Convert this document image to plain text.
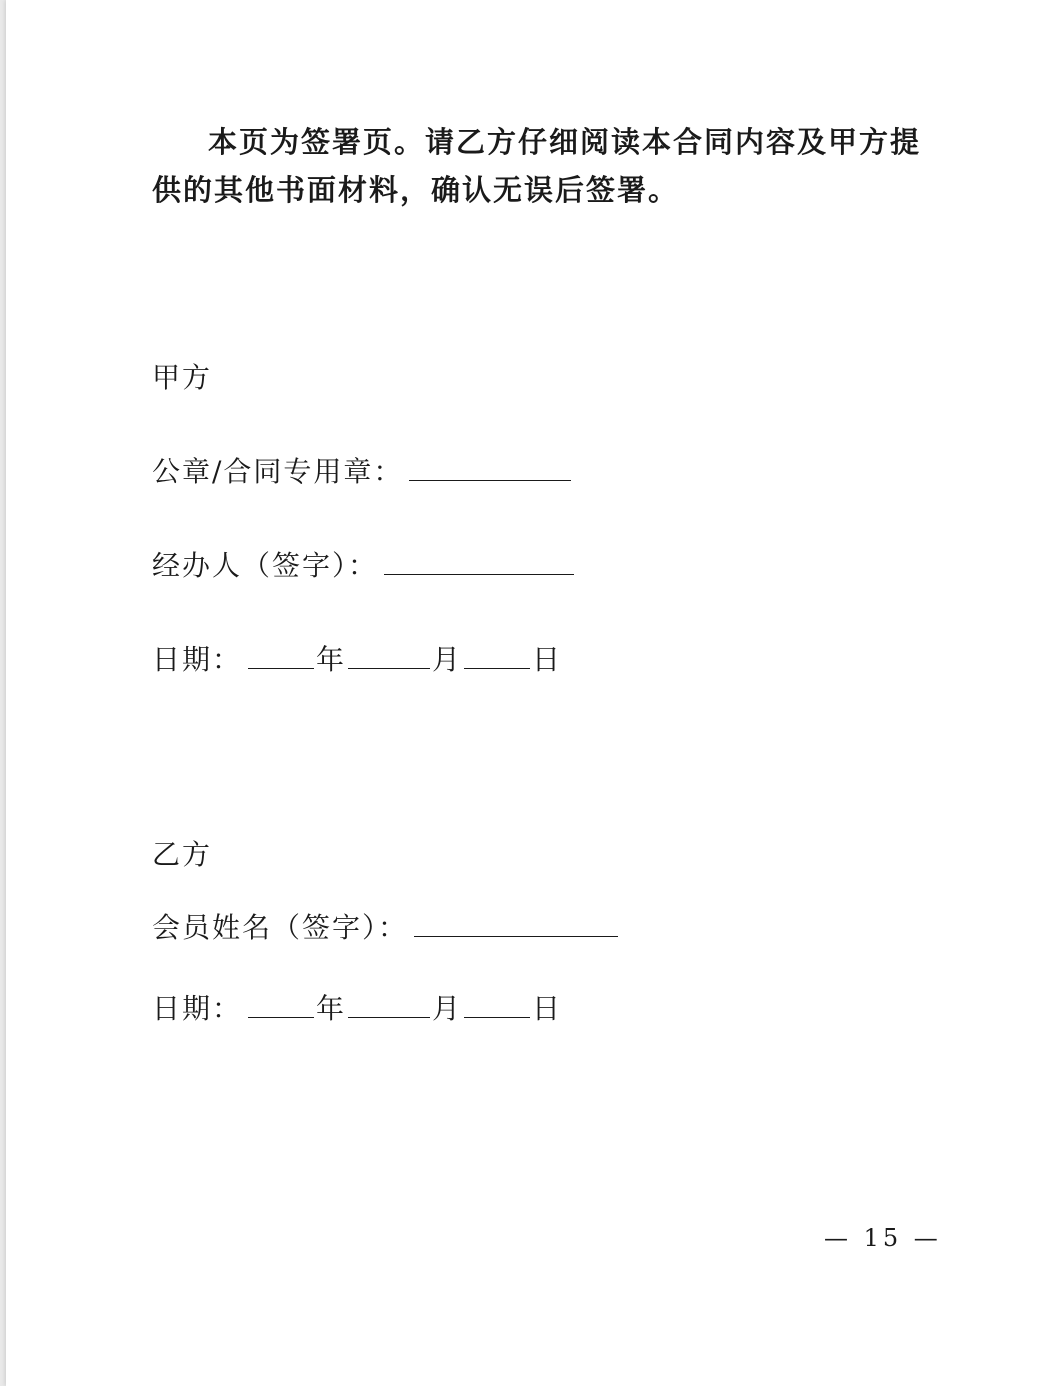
本页为签署页。请乙方仔细阅读本合同内容及甲方提供的其他书面材料，确认无误后签署。

甲方
公章/合同专用章：
经办人（签字）：
日期：	年	月	日
乙方
会员姓名（签字）：
日期：	年	月	日
— 15 —
